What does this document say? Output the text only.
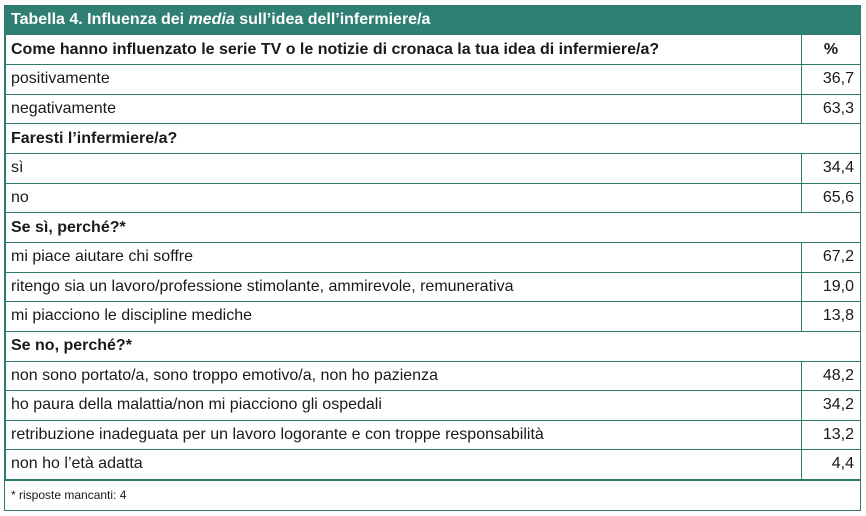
Tabella 4. Influenza dei media sull’idea dell’infermiere/a
Come hanno influenzato le serie TV o le notizie di cronaca la tua idea di infermiere/a?	%
positivamente	36,7
negativamente	63,3
Faresti l’infermiere/a?	
sì	34,4
no	65,6
Se sì, perché?*	
mi piace aiutare chi soffre	67,2
ritengo sia un lavoro/professione stimolante, ammirevole, remunerativa	19,0
mi piacciono le discipline mediche	13,8
Se no, perché?*	
non sono portato/a, sono troppo emotivo/a, non ho pazienza	48,2
ho paura della malattia/non mi piacciono gli ospedali	34,2
retribuzione inadeguata per un lavoro logorante e con troppe responsabilità	13,2
non ho l’età adatta	4,4
* risposte mancanti: 4
